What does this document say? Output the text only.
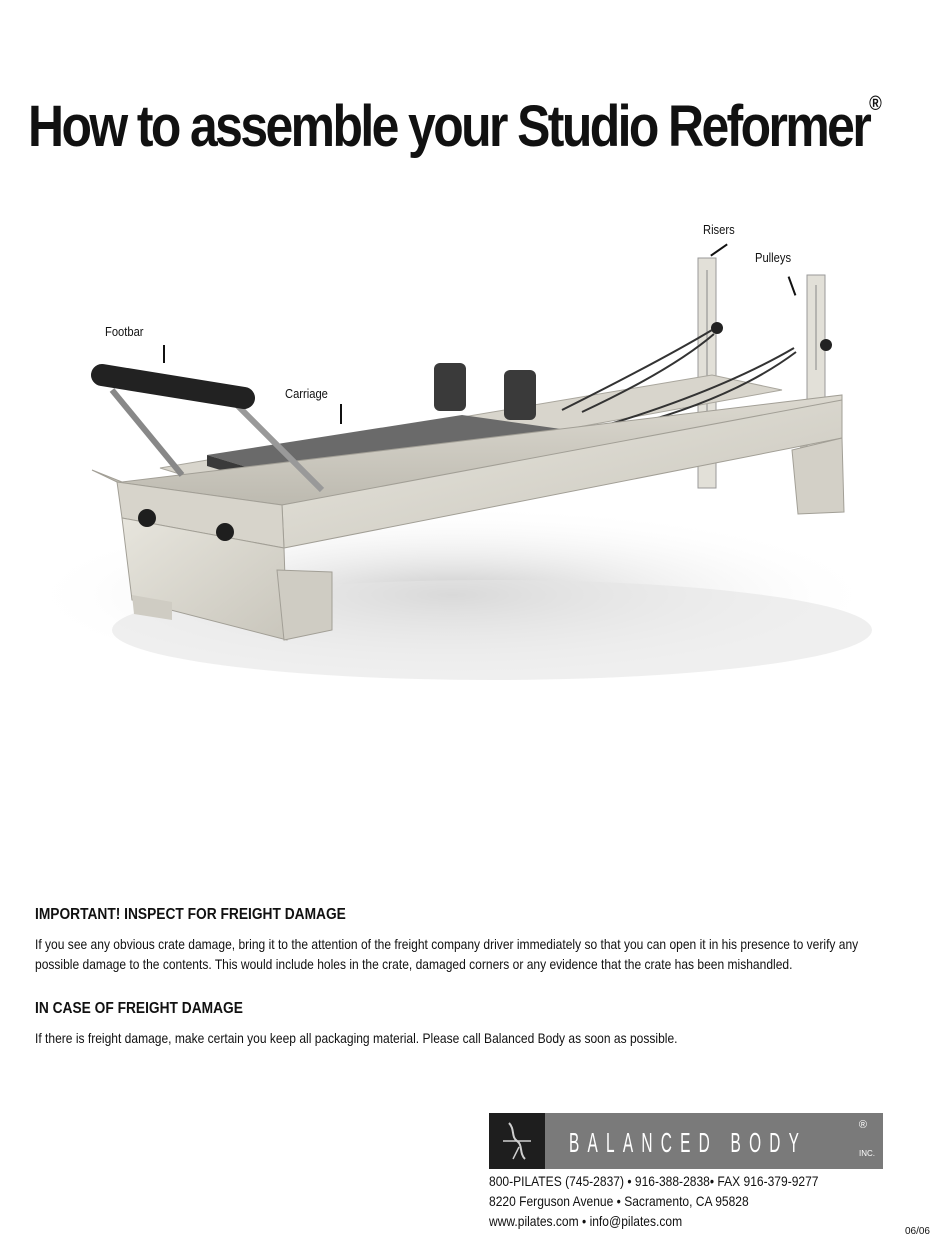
How to assemble your Studio Reformer®
Risers
Pulleys
Footbar
Carriage
IMPORTANT! INSPECT FOR FREIGHT DAMAGE

If you see any obvious crate damage, bring it to the attention of the freight company driver immediately so that you can open it in his presence to verify any

possible damage to the contents. This would include holes in the crate, damaged corners or any evidence that the crate has been mishandled.

IN CASE OF FREIGHT DAMAGE

If there is freight damage, make certain you keep all packaging material. Please call Balanced Body as soon as possible.

BALANCED BODY
®
INC.
800-PILATES (745-2837) • 916-388-2838• FAX 916-379-9277
8220 Ferguson Avenue • Sacramento, CA 95828
www.pilates.com • info@pilates.com
06/06
